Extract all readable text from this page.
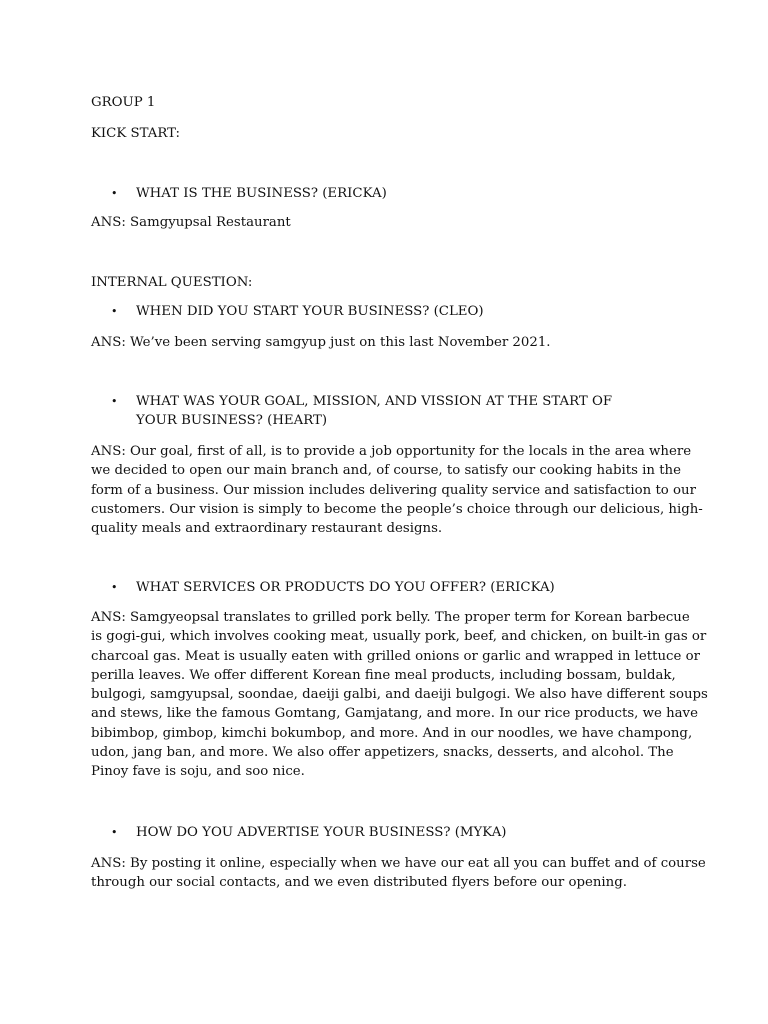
GROUP 1
KICK START:
• WHAT IS THE BUSINESS? (ERICKA)
ANS: Samgyupsal Restaurant
INTERNAL QUESTION:
• WHEN DID YOU START YOUR BUSINESS? (CLEO)
ANS: We’ve been serving samgyup just on this last November 2021.
• WHAT WAS YOUR GOAL, MISSION, AND VISSION AT THE START OF
YOUR BUSINESS? (HEART)
ANS: Our goal, first of all, is to provide a job opportunity for the locals in the area where
we decided to open our main branch and, of course, to satisfy our cooking habits in the
form of a business. Our mission includes delivering quality service and satisfaction to our
customers. Our vision is simply to become the people’s choice through our delicious, high-
quality meals and extraordinary restaurant designs.
• WHAT SERVICES OR PRODUCTS DO YOU OFFER? (ERICKA)
ANS: Samgyeopsal translates to grilled pork belly. The proper term for Korean barbecue
is gogi-gui, which involves cooking meat, usually pork, beef, and chicken, on built-in gas or
charcoal gas. Meat is usually eaten with grilled onions or garlic and wrapped in lettuce or
perilla leaves. We offer different Korean fine meal products, including bossam, buldak,
bulgogi, samgyupsal, soondae, daeiji galbi, and daeiji bulgogi. We also have different soups
and stews, like the famous Gomtang, Gamjatang, and more. In our rice products, we have
bibimbop, gimbop, kimchi bokumbop, and more. And in our noodles, we have champong,
udon, jang ban, and more. We also offer appetizers, snacks, desserts, and alcohol. The
Pinoy fave is soju, and soo nice.
• HOW DO YOU ADVERTISE YOUR BUSINESS? (MYKA)
ANS: By posting it online, especially when we have our eat all you can buffet and of course
through our social contacts, and we even distributed flyers before our opening.
